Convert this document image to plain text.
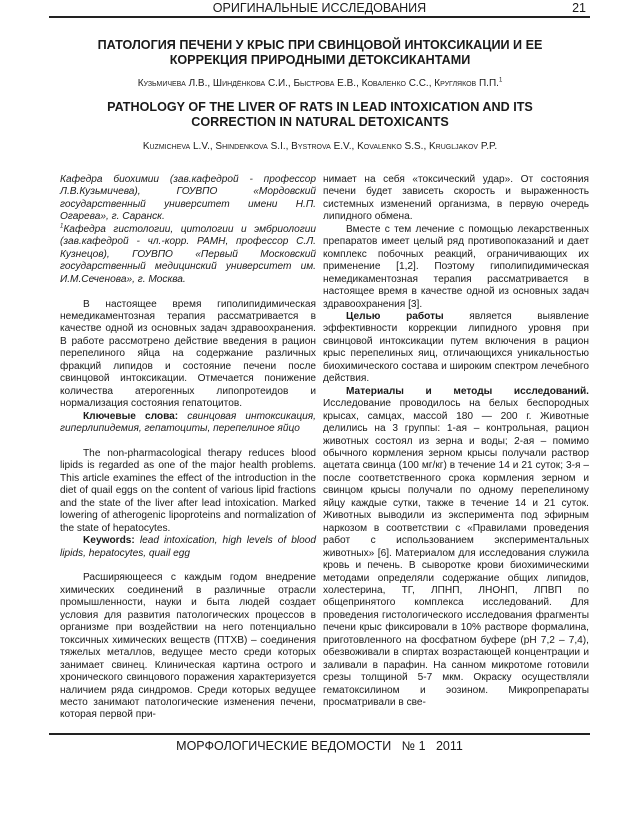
ОРИГИНАЛЬНЫЕ ИССЛЕДОВАНИЯ	21
ПАТОЛОГИЯ ПЕЧЕНИ У КРЫС ПРИ СВИНЦОВОЙ ИНТОКСИКАЦИИ И ЕЕ
КОРРЕКЦИЯ ПРИРОДНЫМИ ДЕТОКСИКАНТАМИ
Кузьмичева Л.В., Шиндёнкова С.И., Быстрова Е.В., Коваленко С.С., Кругляков П.П.$^1$
PATHOLOGY OF THE LIVER OF RATS IN LEAD INTOXICATION AND ITS
CORRECTION IN NATURAL DETOXICANTS
Kuzmicheva L.V., Shindenkova S.I., Bystrova E.V., Kovalenko S.S., Krugljakov P.P.

Кафедра биохимии (зав.кафедрой - профессор Л.В.Кузьмичева), ГОУВПО «Мордовский государственный университет имени Н.П. Огарева», г. Саранск.

$^1$Кафедра гистологии, цитологии и эмбриологии (зав.кафедрой - чл.-корр. РАМН, профессор С.Л. Кузнецов), ГОУВПО «Первый Московский государственный медицинский университет им. И.М.Сеченова», г. Москва.

В настоящее время гиполипидимическая немедикаментозная терапия рассматривается в качестве одной из основных задач здравоохранения. В работе рассмотрено действие введения в рацион перепелиного яйца на содержание различных фракций липидов и состояние печени после свинцовой интоксикации. Отмечается понижение количества атерогенных липопротеидов и нормализация состояния гепатоцитов.

Ключевые слова: свинцовая интоксикация, гиперлипидемия, гепатоциты, перепелиное яйцо

The non-pharmacological therapy reduces blood lipids is regarded as one of the major health problems. This article examines the effect of the introduction in the diet of quail eggs on the content of various lipid fractions and the state of the liver after lead intoxication. Marked lowering of atherogenic lipoproteins and normalization of the state of hepatocytes.

Keywords: lead intoxication, high levels of blood lipids, hepatocytes, quail egg

Расширяющееся с каждым годом внедрение химических соединений в различные отрасли промышленности, науки и быта людей создает условия для развития патологических процессов в организме при воздействии на него потенциально токсичных химических веществ (ПТХВ) – соединения тяжелых металлов, ведущее место среди которых занимает свинец. Клиническая картина острого и хронического свинцового поражения характеризуется наличием ряда синдромов. Среди которых ведущее место занимают патологические изменения печени, которая первой при-

нимает на себя «токсический удар». От состояния печени будет зависеть скорость и выраженность системных изменений организма, в первую очередь липидного обмена.

Вместе с тем лечение с помощью лекарственных препаратов имеет целый ряд противопоказаний и дает комплекс побочных реакций, ограничивающих их применение [1,2]. Поэтому гиполипидимическая немедикаментозная терапия рассматривается в настоящее время в качестве одной из основных задач здравоохранения [3].

Целью работы является выявление эффективности коррекции липидного уровня при свинцовой интоксикации путем включения в рацион крыс перепелиных яиц, отличающихся уникальностью биохимического состава и широким спектром лечебного действия.

Материалы и методы исследований. Исследование проводилось на белых беспородных крысах, самцах, массой 180 — 200 г. Животные делились на 3 группы: 1-ая – контрольная, рацион животных состоял из зерна и воды; 2-ая – помимо обычного кормления зерном крысы получали раствор ацетата свинца (100 мг/кг) в течение 14 и 21 суток; 3-я – после соответственного срока кормления зерном и свинцом крысы получали по одному перепелиному яйцу каждые сутки, также в течение 14 и 21 суток. Животных выводили из эксперимента под эфирным наркозом в соответствии с «Правилами проведения работ с использованием экспериментальных животных» [6]. Материалом для исследования служила кровь и печень. В сыворотке крови биохимическими методами определяли содержание общих липидов, холестерина, ТГ, ЛПНП, ЛНОНП, ЛПВП по общепринятого комплекса исследований. Для проведения гистологического исследования фрагменты печени крыс фиксировали в 10% растворе формалина, приготовленного на фосфатном буфере (pH 7,2 – 7,4), обезвоживали в спиртах возрастающей концентрации и заливали в парафин. На санном микротоме готовили срезы толщиной 5-7 мкм. Окраску осуществляли гематоксилином и эозином. Микропрепараты просматривали в све-

МОРФОЛОГИЧЕСКИЕ ВЕДОМОСТИ   № 1   2011
